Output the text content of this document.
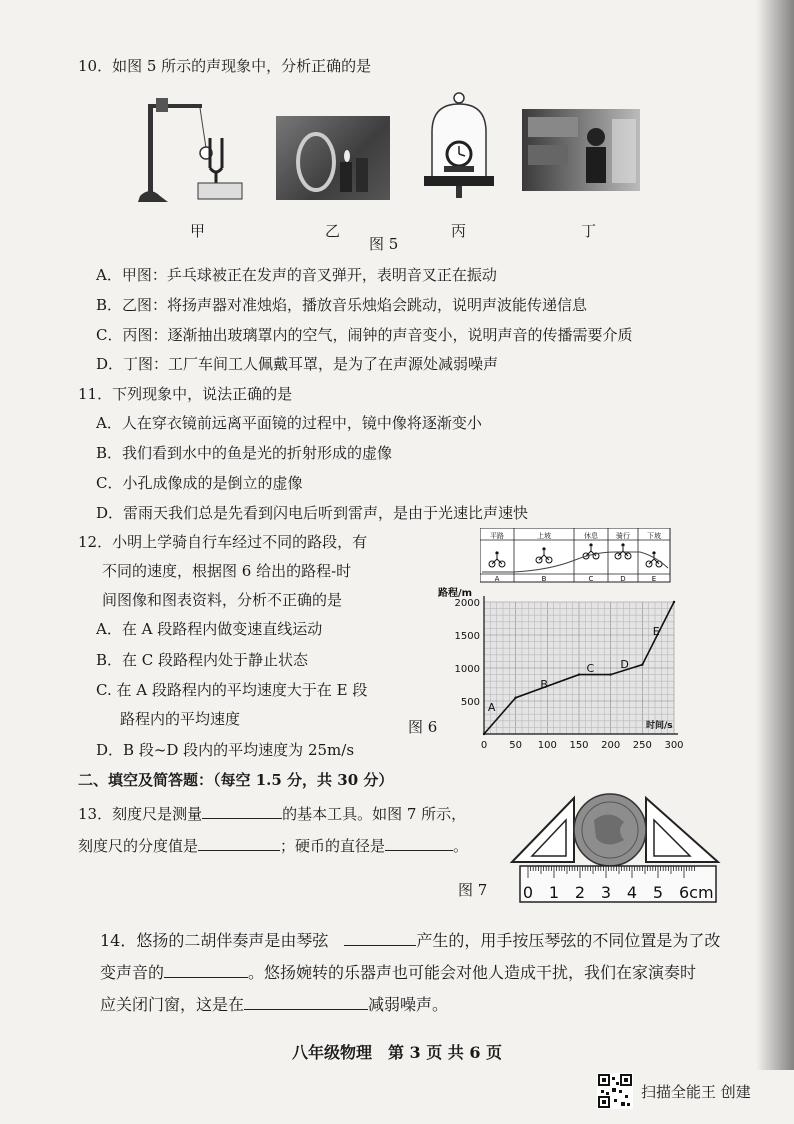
10．如图 5 所示的声现象中，分析正确的是
甲	乙	丙	丁
图 5
A．甲图：乒乓球被正在发声的音叉弹开，表明音叉正在振动
B．乙图：将扬声器对准烛焰，播放音乐烛焰会跳动，说明声波能传递信息
C．丙图：逐渐抽出玻璃罩内的空气，闹钟的声音变小，说明声音的传播需要介质
D．丁图：工厂车间工人佩戴耳罩，是为了在声源处减弱噪声
11．下列现象中，说法正确的是
A．人在穿衣镜前远离平面镜的过程中，镜中像将逐渐变小
B．我们看到水中的鱼是光的折射形成的虚像
C．小孔成像成的是倒立的虚像
D．雷雨天我们总是先看到闪电后听到雷声，是由于光速比声速快
12．小明上学骑自行车经过不同的路段，有
不同的速度，根据图 6 给出的路程-时
间图像和图表资料，分析不正确的是
A．在 A 段路程内做变速直线运动
B．在 C 段路程内处于静止状态
C. 在 A 段路程内的平均速度大于在 E 段
路程内的平均速度
D．B 段~D 段内的平均速度为 25m/s
图 6
平路
A
上坡
B
休息
C
骑行
D
下坡
E
0 50 100 150 200 250 300
500
1000
1500
2000
路程/m
时间/s
A
B
C D
E
二、填空及简答题：（每空 1.5 分，共 30 分）
13．刻度尺是测量	的基本工具。如图 7 所示，
刻度尺的分度值是	；硬币的直径是	。
图 7 0 1 2 3 4 5 6cm
14．悠扬的二胡伴奏声是由琴弦　	产生的，用手按压琴弦的不同位置是为了改
变声音的	。悠扬婉转的乐器声也可能会对他人造成干扰，我们在家演奏时
应关闭门窗，这是在	减弱噪声。
八年级物理　第 3 页 共 6 页
扫描全能王 创建
